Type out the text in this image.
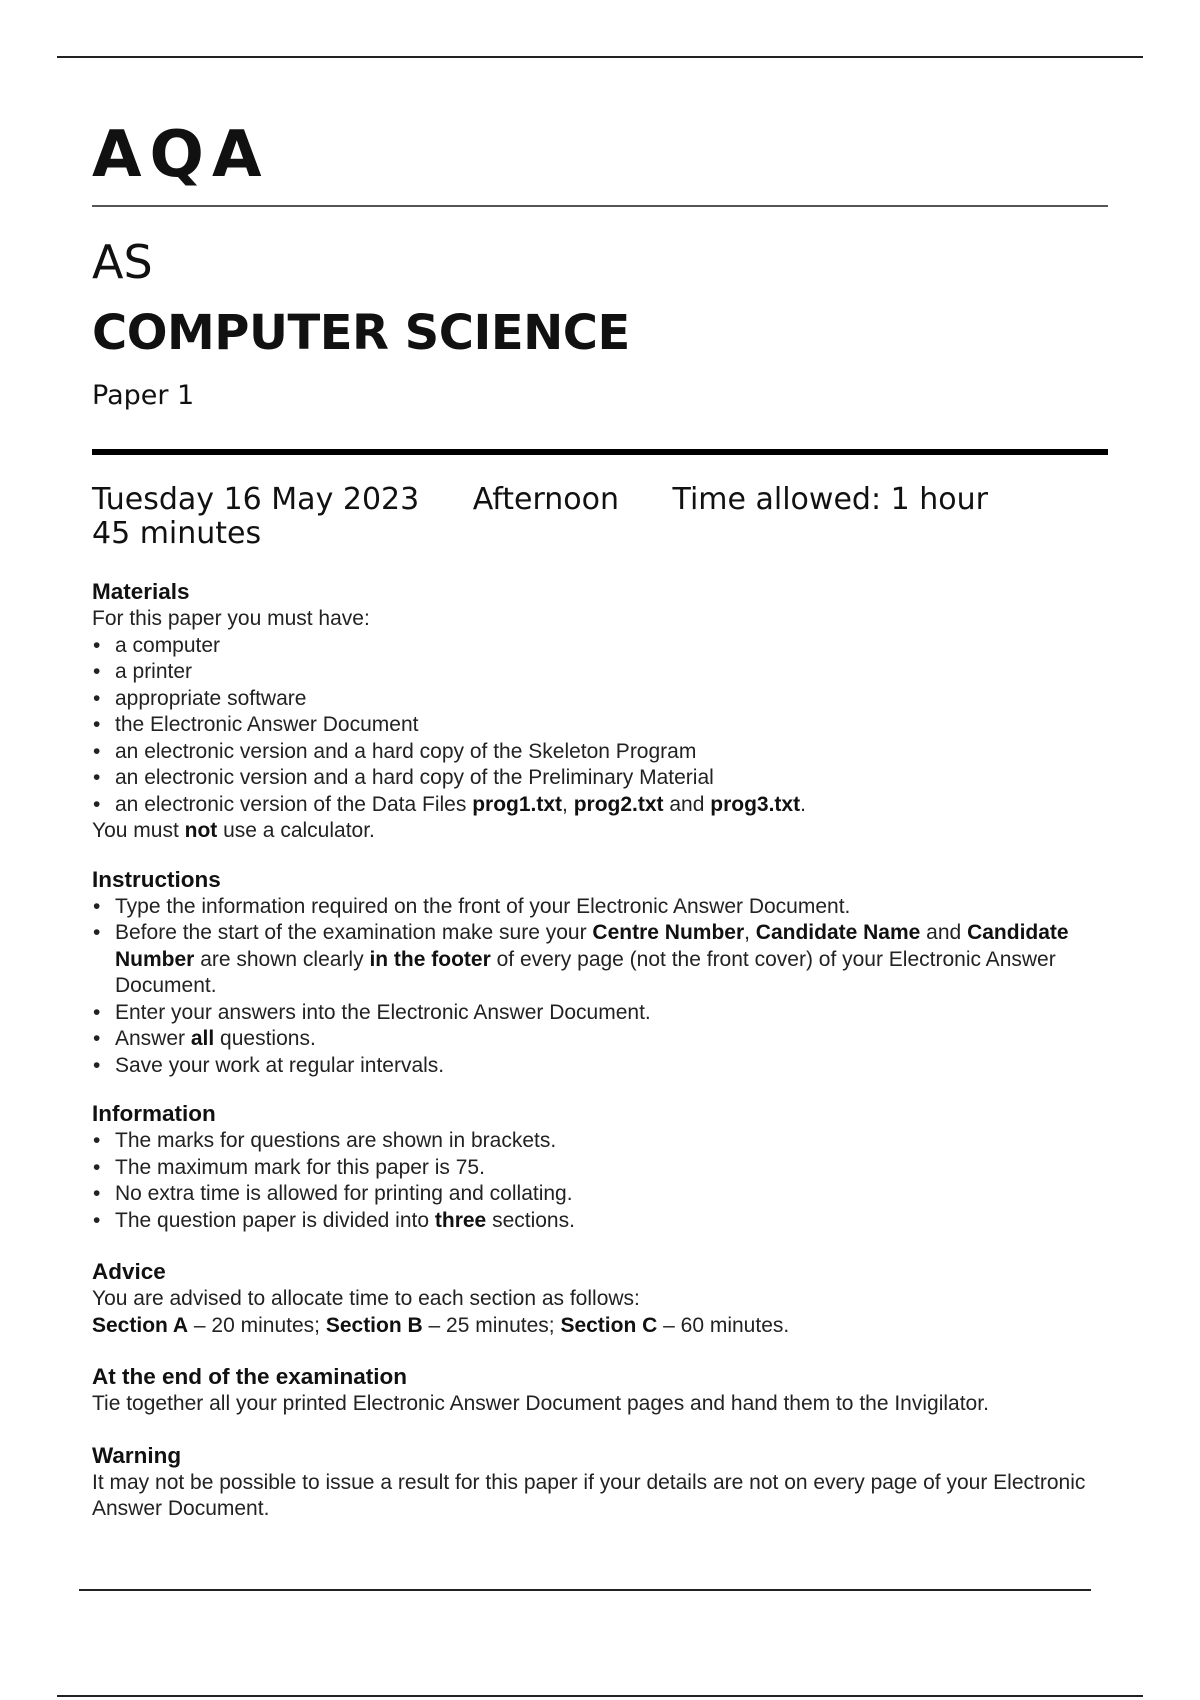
AQA
AS
COMPUTER SCIENCE
Paper 1
Tuesday 16 May 2023 Afternoon Time allowed: 1 hour 45 minutes
Materials

For this paper you must have:

• a computer
• a printer
• appropriate software
• the Electronic Answer Document
• an electronic version and a hard copy of the Skeleton Program
• an electronic version and a hard copy of the Preliminary Material
• an electronic version of the Data Files prog1.txt, prog2.txt and prog3.txt.

You must not use a calculator.

Instructions
• Type the information required on the front of your Electronic Answer Document.
• Before the start of the examination make sure your Centre Number, Candidate Name and Candidate Number are shown clearly in the footer of every page (not the front cover) of your Electronic Answer Document.
• Enter your answers into the Electronic Answer Document.
• Answer all questions.
• Save your work at regular intervals.
Information
• The marks for questions are shown in brackets.
• The maximum mark for this paper is 75.
• No extra time is allowed for printing and collating.
• The question paper is divided into three sections.
Advice

You are advised to allocate time to each section as follows:

Section A – 20 minutes; Section B – 25 minutes; Section C – 60 minutes.

At the end of the examination

Tie together all your printed Electronic Answer Document pages and hand them to the Invigilator.

Warning

It may not be possible to issue a result for this paper if your details are not on every page of your Electronic Answer Document.
